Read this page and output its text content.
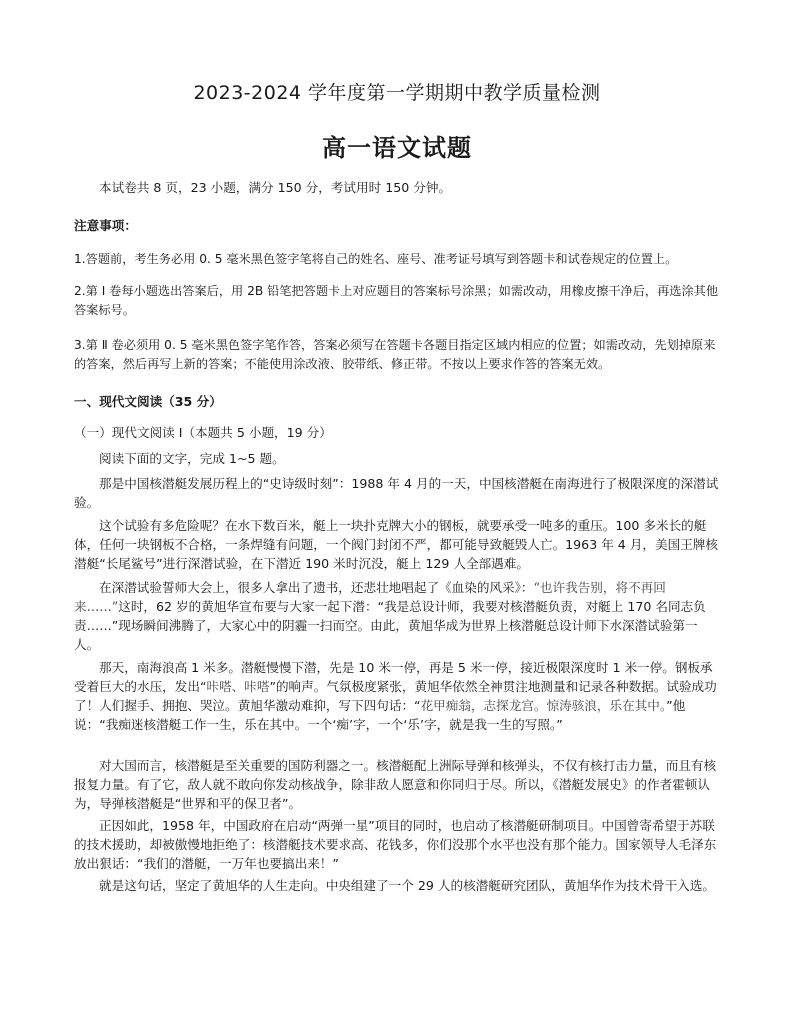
2023-2024 学年度第一学期期中教学质量检测
高一语文试题

本试卷共 8 页，23 小题，满分 150 分，考试用时 150 分钟。

注意事项：

1.答题前，考生务必用 0. 5 毫米黑色签字笔将自己的姓名、座号、准考证号填写到答题卡和试卷规定的位置上。

2.第 Ⅰ 卷每小题选出答案后，用 2B 铅笔把答题卡上对应题目的答案标号涂黑；如需改动，用橡皮擦干净后，再选涂其他答案标号。

3.第 Ⅱ 卷必须用 0. 5 毫米黑色签字笔作答，答案必须写在答题卡各题目指定区域内相应的位置；如需改动，先划掉原来的答案，然后再写上新的答案；不能使用涂改液、胶带纸、修正带。不按以上要求作答的答案无效。

一、现代文阅读（35 分）

（一）现代文阅读 Ⅰ（本题共 5 小题，19 分）

阅读下面的文字，完成 1~5 题。

那是中国核潜艇发展历程上的“史诗级时刻”：1988 年 4 月的一天，中国核潜艇在南海进行了极限深度的深潜试验。

这个试验有多危险呢？在水下数百米，艇上一块扑克牌大小的钢板，就要承受一吨多的重压。100 多米长的艇体，任何一块钢板不合格，一条焊缝有问题，一个阀门封闭不严，都可能导致艇毁人亡。1963 年 4 月，美国王牌核潜艇“长尾鲨号”进行深潜试验，在下潜近 190 米时沉没，艇上 129 人全部遇难。

在深潜试验誓师大会上，很多人拿出了遗书，还悲壮地唱起了《血染的风采》：“也许我告别，将不再回来……”这时，62 岁的黄旭华宣布要与大家一起下潜：“我是总设计师，我要对核潜艇负责，对艇上 170 名同志负责……”现场瞬间沸腾了，大家心中的阴霾一扫而空。由此，黄旭华成为世界上核潜艇总设计师下水深潜试验第一人。

那天，南海浪高 1 米多。潜艇慢慢下潜，先是 10 米一停，再是 5 米一停，接近极限深度时 1 米一停。钢板承受着巨大的水压，发出“咔嗒、咔嗒”的响声。气氛极度紧张，黄旭华依然全神贯注地测量和记录各种数据。试验成功了！人们握手、拥抱、哭泣。黄旭华激动难抑，写下四句话：“花甲痴翁，志探龙宫。惊涛骇浪，乐在其中。”他说：“我痴迷核潜艇工作一生，乐在其中。一个‘痴’字，一个‘乐’字，就是我一生的写照。”

对大国而言，核潜艇是至关重要的国防利器之一。核潜艇配上洲际导弹和核弹头，不仅有核打击力量，而且有核报复力量。有了它，敌人就不敢向你发动核战争，除非敌人愿意和你同归于尽。所以，《潜艇发展史》的作者霍顿认为，导弹核潜艇是“世界和平的保卫者”。

正因如此，1958 年，中国政府在启动“两弹一星”项目的同时，也启动了核潜艇研制项目。中国曾寄希望于苏联的技术援助，却被傲慢地拒绝了：核潜艇技术要求高、花钱多，你们没那个水平也没有那个能力。国家领导人毛泽东放出狠话：“我们的潜艇，一万年也要搞出来！”

就是这句话，坚定了黄旭华的人生走向。中央组建了一个 29 人的核潜艇研究团队，黄旭华作为技术骨干入选。
